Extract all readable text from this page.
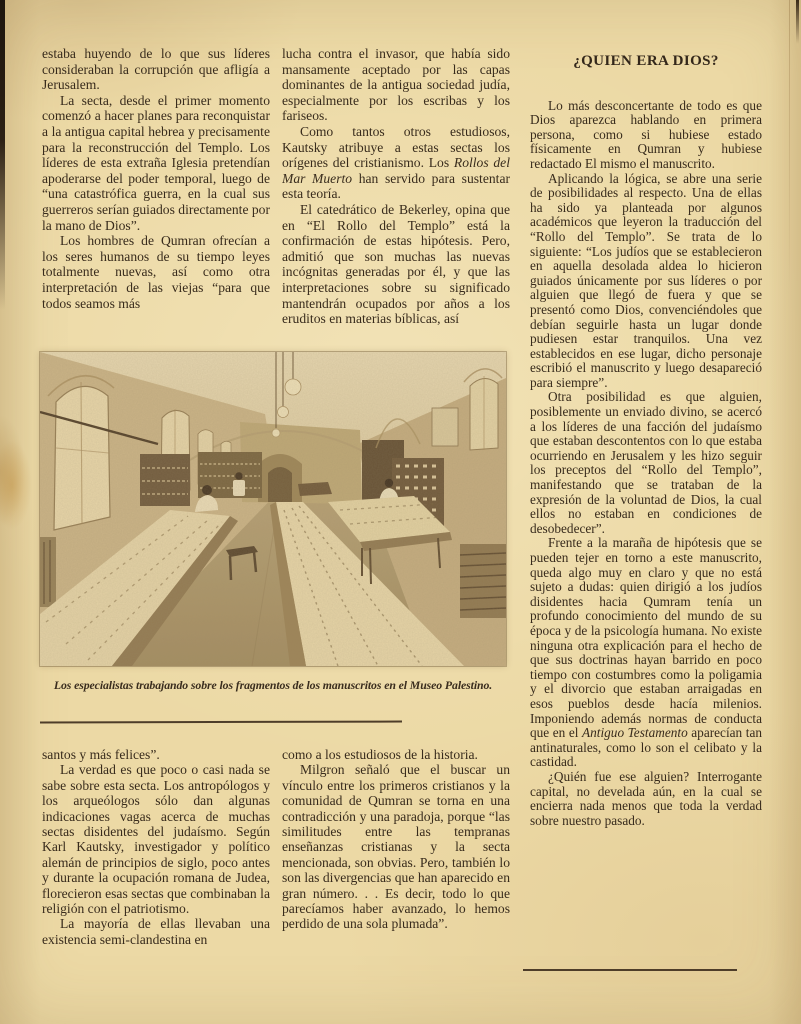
estaba huyendo de lo que sus líderes consideraban la corrupción que afligía a Jerusalem.

La secta, desde el primer momento comenzó a hacer planes para reconquistar a la antigua capital hebrea y precisamente para la reconstrucción del Templo. Los líderes de esta extraña Iglesia pretendían apoderarse del poder temporal, luego de “una catastrófica guerra, en la cual sus guerreros serían guiados directamente por la mano de Dios”.

Los hombres de Qumran ofrecían a los seres humanos de su tiempo leyes totalmente nuevas, así como otra interpretación de las viejas “para que todos seamos más

lucha contra el invasor, que había sido mansamente aceptado por las capas dominantes de la antigua sociedad judía, especialmente por los escribas y los fariseos.

Como tantos otros estudiosos, Kautsky atribuye a estas sectas los orígenes del cristianismo. Los Rollos del Mar Muerto han servido para sustentar esta teoría.

El catedrático de Bekerley, opina que en “El Rollo del Templo” está la confirmación de estas hipótesis. Pero, admitió que son muchas las nuevas incógnitas generadas por él, y que las interpretaciones sobre su significado mantendrán ocupados por años a los eruditos en materias bíblicas, así

¿QUIEN ERA DIOS?

Lo más desconcertante de todo es que Dios aparezca hablando en primera persona, como si hubiese estado físicamente en Qumran y hubiese redactado El mismo el manuscrito.

Aplicando la lógica, se abre una serie de posibilidades al respecto. Una de ellas ha sido ya planteada por algunos académicos que leyeron la traducción del “Rollo del Templo”. Se trata de lo siguiente: “Los judíos que se establecieron en aquella desolada aldea lo hicieron guiados únicamente por sus líderes o por alguien que llegó de fuera y que se presentó como Dios, convenciéndoles que debían seguirle hasta un lugar donde pudiesen estar tranquilos. Una vez establecidos en ese lugar, dicho personaje escribió el manuscrito y luego desapareció para siempre”.

Otra posibilidad es que alguien, posiblemente un enviado divino, se acercó a los líderes de una facción del judaísmo que estaban descontentos con lo que estaba ocurriendo en Jerusalem y les hizo seguir los preceptos del “Rollo del Templo”, manifestando que se trataban de la expresión de la voluntad de Dios, la cual ellos no estaban en condiciones de desobedecer”.

Frente a la maraña de hipótesis que se pueden tejer en torno a este manuscrito, queda algo muy en claro y que no está sujeto a dudas: quien dirigió a los judíos disidentes hacia Qumram tenía un profundo conocimiento del mundo de su época y de la psicología humana. No existe ninguna otra explicación para el hecho de que sus doctrinas hayan barrido en poco tiempo con costumbres como la poligamia y el divorcio que estaban arraigadas en esos pueblos desde hacía milenios. Imponiendo además normas de conducta que en el Antiguo Testamento aparecían tan antinaturales, como lo son el celibato y la castidad.

¿Quién fue ese alguien? Interrogante capital, no develada aún, en la cual se encierra nada menos que toda la verdad sobre nuestro pasado.

Los especialistas trabajando sobre los fragmentos de los manuscritos en el Museo Palestino.

santos y más felices”.

La verdad es que poco o casi nada se sabe sobre esta secta. Los antropólogos y los arqueólogos sólo dan algunas indicaciones vagas acerca de muchas sectas disidentes del judaísmo. Según Karl Kautsky, investigador y político alemán de principios de siglo, poco antes y durante la ocupación romana de Judea, florecieron esas sectas que combinaban la religión con el patriotismo.

La mayoría de ellas llevaban una existencia semi-clandestina en

como a los estudiosos de la historia.

Milgron señaló que el buscar un vínculo entre los primeros cristianos y la comunidad de Qumran se torna en una contradicción y una paradoja, porque “las similitudes entre las tempranas enseñanzas cristianas y la secta mencionada, son obvias. Pero, también lo son las divergencias que han aparecido en gran número. . . Es decir, todo lo que parecíamos haber avanzado, lo hemos perdido de una sola plumada”.
